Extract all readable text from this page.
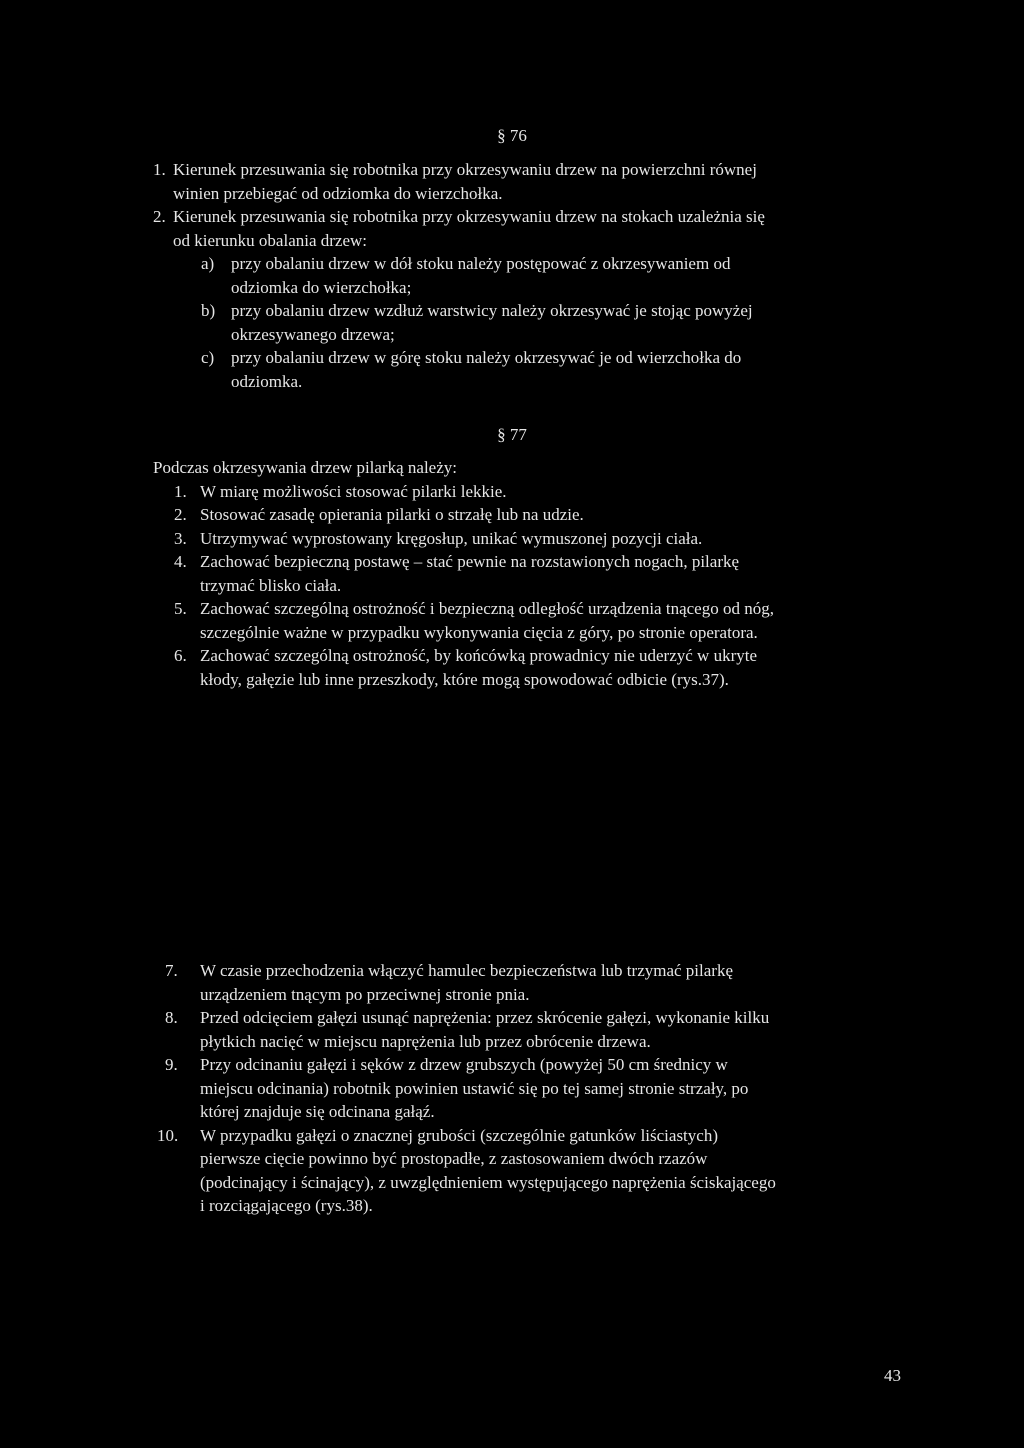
§ 76
1. Kierunek przesuwania się robotnika przy okrzesywaniu drzew na powierzchni równej
winien przebiegać od odziomka do wierzchołka.
2. Kierunek przesuwania się robotnika przy okrzesywaniu drzew na stokach uzależnia się
od kierunku obalania drzew:
a) przy obalaniu drzew w dół stoku należy postępować z okrzesywaniem od
odziomka do wierzchołka;
b) przy obalaniu drzew wzdłuż warstwicy należy okrzesywać je stojąc powyżej
okrzesywanego drzewa;
c) przy obalaniu drzew w górę stoku należy okrzesywać je od wierzchołka do
odziomka.
§ 77
Podczas okrzesywania drzew pilarką należy:
1. W miarę możliwości stosować pilarki lekkie.
2. Stosować zasadę opierania pilarki o strzałę lub na udzie.
3. Utrzymywać wyprostowany kręgosłup, unikać wymuszonej pozycji ciała.
4. Zachować bezpieczną postawę – stać pewnie na rozstawionych nogach, pilarkę
trzymać blisko ciała.
5. Zachować szczególną ostrożność i bezpieczną odległość urządzenia tnącego od nóg,
szczególnie ważne w przypadku wykonywania cięcia z góry, po stronie operatora.
6. Zachować szczególną ostrożność, by końcówką prowadnicy nie uderzyć w ukryte
kłody, gałęzie lub inne przeszkody, które mogą spowodować odbicie (rys.37).
7.	W czasie przechodzenia włączyć hamulec bezpieczeństwa lub trzymać pilarkę
urządzeniem tnącym po przeciwnej stronie pnia.
8.	Przed odcięciem gałęzi usunąć naprężenia: przez skrócenie gałęzi, wykonanie kilku
płytkich nacięć w miejscu naprężenia lub przez obrócenie drzewa.
9.	Przy odcinaniu gałęzi i sęków z drzew grubszych (powyżej 50 cm średnicy w
miejscu odcinania) robotnik powinien ustawić się po tej samej stronie strzały, po
której znajduje się odcinana gałąź.
10.	W przypadku gałęzi o znacznej grubości (szczególnie gatunków liściastych)
pierwsze cięcie powinno być prostopadłe, z zastosowaniem dwóch rzazów
(podcinający i ścinający), z uwzględnieniem występującego naprężenia ściskającego
i rozciągającego (rys.38).
43
